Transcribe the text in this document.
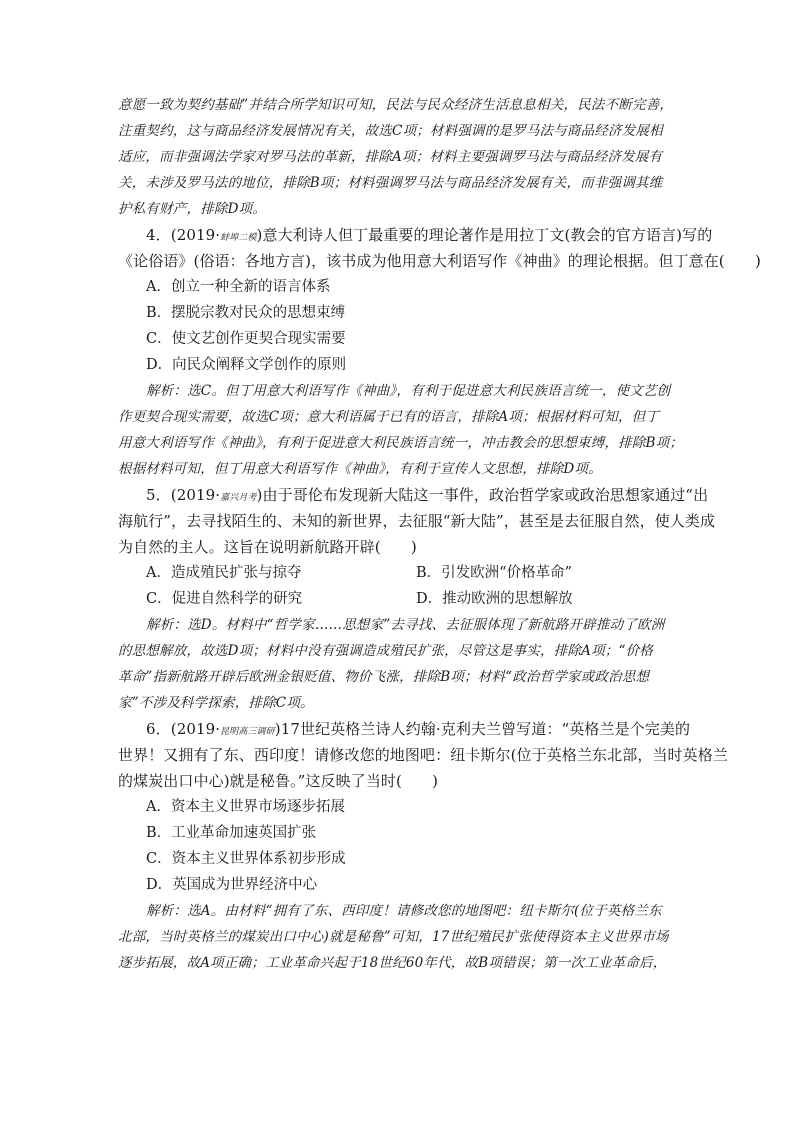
意愿一致为契约基础”并结合所学知识可知，民法与民众经济生活息息相关，民法不断完善，
注重契约，这与商品经济发展情况有关，故选C项；材料强调的是罗马法与商品经济发展相
适应，而非强调法学家对罗马法的革新，排除A项；材料主要强调罗马法与商品经济发展有
关，未涉及罗马法的地位，排除B项；材料强调罗马法与商品经济发展有关，而非强调其维
护私有财产，排除D项。
4．(2019·蚌埠二模)意大利诗人但丁最重要的理论著作是用拉丁文(教会的官方语言)写的
《论俗语》(俗语：各地方言)，该书成为他用意大利语写作《神曲》的理论根据。但丁意在(　　)
A．创立一种全新的语言体系
B．摆脱宗教对民众的思想束缚
C．使文艺创作更契合现实需要
D．向民众阐释文学创作的原则
解析：选C。但丁用意大利语写作《神曲》，有利于促进意大利民族语言统一，使文艺创
作更契合现实需要，故选C项；意大利语属于已有的语言，排除A项；根据材料可知，但丁
用意大利语写作《神曲》，有利于促进意大利民族语言统一，冲击教会的思想束缚，排除B项；
根据材料可知，但丁用意大利语写作《神曲》，有利于宣传人文思想，排除D项。
5．(2019·嘉兴月考)由于哥伦布发现新大陆这一事件，政治哲学家或政治思想家通过“出
海航行”，去寻找陌生的、未知的新世界，去征服“新大陆”，甚至是去征服自然，使人类成
为自然的主人。这旨在说明新航路开辟(　　)
A．造成殖民扩张与掠夺	B．引发欧洲“价格革命”
C．促进自然科学的研究	D．推动欧洲的思想解放
解析：选D。材料中“哲学家……思想家”去寻找、去征服体现了新航路开辟推动了欧洲
的思想解放，故选D项；材料中没有强调造成殖民扩张，尽管这是事实，排除A项；“价格
革命”指新航路开辟后欧洲金银贬值、物价飞涨，排除B项；材料“政治哲学家或政治思想
家”不涉及科学探索，排除C项。
6．(2019·昆明高三调研)17世纪英格兰诗人约翰·克利夫兰曾写道：“英格兰是个完美的
世界！又拥有了东、西印度！请修改您的地图吧：纽卡斯尔(位于英格兰东北部，当时英格兰
的煤炭出口中心)就是秘鲁。”这反映了当时(　　)
A．资本主义世界市场逐步拓展
B．工业革命加速英国扩张
C．资本主义世界体系初步形成
D．英国成为世界经济中心
解析：选A。由材料“拥有了东、西印度！请修改您的地图吧：纽卡斯尔(位于英格兰东
北部，当时英格兰的煤炭出口中心)就是秘鲁”可知，17世纪殖民扩张使得资本主义世界市场
逐步拓展，故A项正确；工业革命兴起于18世纪60年代，故B项错误；第一次工业革命后，
